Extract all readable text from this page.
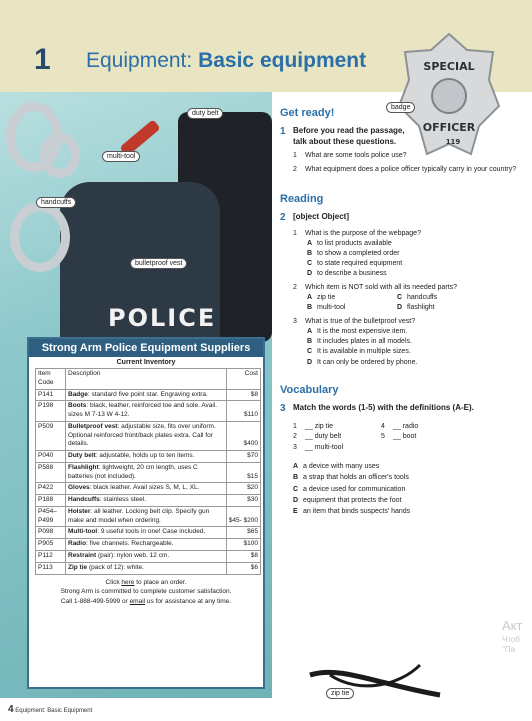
1 Equipment: Basic equipment
POLICE
duty belt
multi-tool
handcuffs
bulletproof vest
SPECIAL
OFFICER
119
badge
Strong Arm Police Equipment Suppliers
Current Inventory
Item Code	Description	Cost
P141	Badge: standard five point star. Engraving extra.	$8
P198	Boots: black, leather, reinforced toe and sole. Avail. sizes M 7-13 W 4-12.	$110
P509	Bulletproof vest: adjustable size, fits over uniform. Optional reinforced front/back plates extra. Call for details.	$400
P040	Duty belt: adjustable, holds up to ten items.	$70
P588	Flashlight: lightweight, 20 cm length, uses C batteries (not included).	$15
P422	Gloves: black leather. Avail sizes S, M, L, XL.	$20
P188	Handcuffs: stainless steel.	$30
P454– P499	Holster: all leather. Locking belt clip. Specify gun make and model when ordering.	$45- $200
P098	Multi-tool: 9 useful tools in one! Case included.	$65
P905	Radio: five channels. Rechargeable.	$100
P112	Restraint (pair): nylon web. 12 cm.	$8
P113	Zip tie (pack of 12): white.	$6
Click here to place an order.
Strong Arm is committed to complete customer satisfaction.
Call 1-888-499-5999 or email us for assistance at any time.
Get ready!
1 Before you read the passage, talk about these questions.
1	What are some tools police use?
2	What equipment does a police officer typically carry in your country?
Reading
2 [object Object]
1	What is the purpose of the webpage?
A to list products available
B to show a completed order
C to state required equipment
D to describe a business
2	Which item is NOT sold with all its needed parts?
A zip tie	C handcuffs
B multi-tool	D flashlight
3	What is true of the bulletproof vest?
A It is the most expensive item.
B It includes plates in all models.
C It is available in multiple sizes.
D It can only be ordered by phone.
Vocabulary
3 Match the words (1-5) with the definitions (A-E).
1	__ zip tie	4	__ radio
2	__ duty belt	5	__ boot
3	__ multi-tool
A a device with many uses
B a strap that holds an officer's tools
C a device used for communication
D equipment that protects the foot
E an item that binds suspects' hands
zip tie
4 Equipment: Basic Equipment
Акт
Чтоб
"Па
